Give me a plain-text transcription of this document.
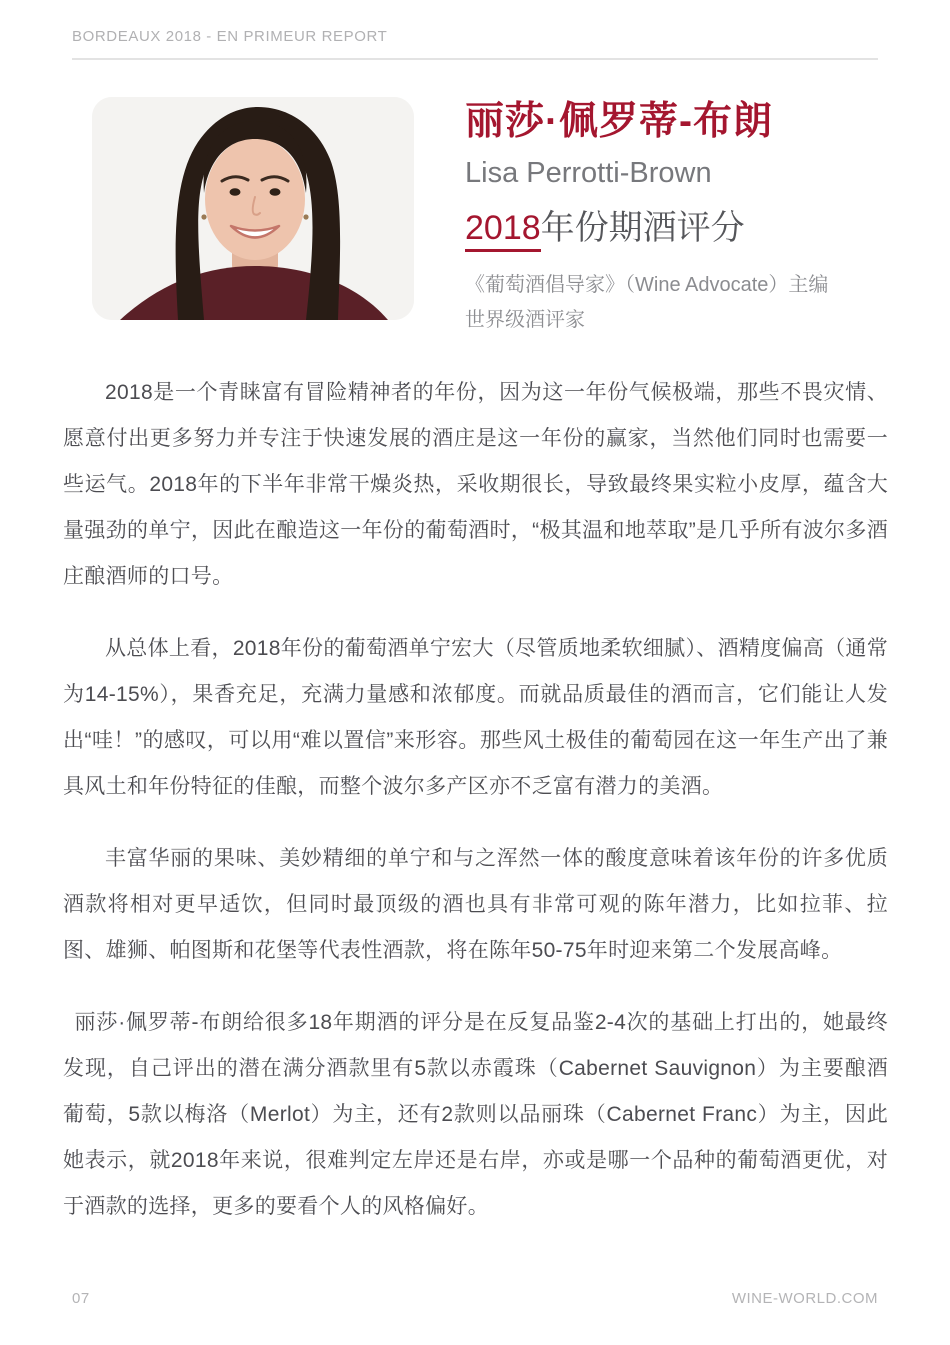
BORDEAUX 2018 - EN PRIMEUR REPORT
丽莎·佩罗蒂-布朗
Lisa Perrotti-Brown
2018年份期酒评分
《葡萄酒倡导家》（Wine Advocate）主编
世界级酒评家

2018是一个青睐富有冒险精神者的年份，因为这一年份气候极端，那些不畏灾情、愿意付出更多努力并专注于快速发展的酒庄是这一年份的赢家，当然他们同时也需要一些运气。2018年的下半年非常干燥炎热，采收期很长，导致最终果实粒小皮厚，蕴含大量强劲的单宁，因此在酿造这一年份的葡萄酒时，“极其温和地萃取”是几乎所有波尔多酒庄酿酒师的口号。

从总体上看，2018年份的葡萄酒单宁宏大（尽管质地柔软细腻）、酒精度偏高（通常为14-15%），果香充足，充满力量感和浓郁度。而就品质最佳的酒而言，它们能让人发出“哇！”的感叹，可以用“难以置信”来形容。那些风土极佳的葡萄园在这一年生产出了兼具风土和年份特征的佳酿，而整个波尔多产区亦不乏富有潜力的美酒。

丰富华丽的果味、美妙精细的单宁和与之浑然一体的酸度意味着该年份的许多优质酒款将相对更早适饮，但同时最顶级的酒也具有非常可观的陈年潜力，比如拉菲、拉图、雄狮、帕图斯和花堡等代表性酒款，将在陈年50-75年时迎来第二个发展高峰。

丽莎·佩罗蒂-布朗给很多18年期酒的评分是在反复品鉴2-4次的基础上打出的，她最终发现，自己评出的潜在满分酒款里有5款以赤霞珠（Cabernet Sauvignon）为主要酿酒葡萄，5款以梅洛（Merlot）为主，还有2款则以品丽珠（Cabernet Franc）为主，因此她表示，就2018年来说，很难判定左岸还是右岸，亦或是哪一个品种的葡萄酒更优，对于酒款的选择，更多的要看个人的风格偏好。

07	WINE-WORLD.COM
